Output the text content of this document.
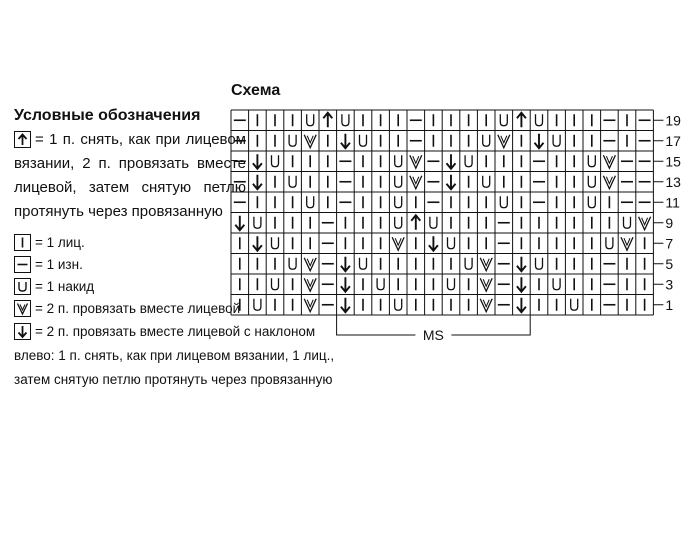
Условные обозначения
= 1 п. снять, как при лицевом вязании, 2 п. провязать вместе лицевой, затем снятую петлю протянуть через провязанную
= 1 лиц.
= 1 изн.
= 1 накид
= 2 п. провязать вместе лицевой
= 2 п. провязать вместе лицевой с наклоном влево: 1 п. снять, как при лицевом вязании, 1 лиц., затем снятую петлю протянуть через провязанную
Схема
19
17
15
13
11
9
7
5
3
1
MS
